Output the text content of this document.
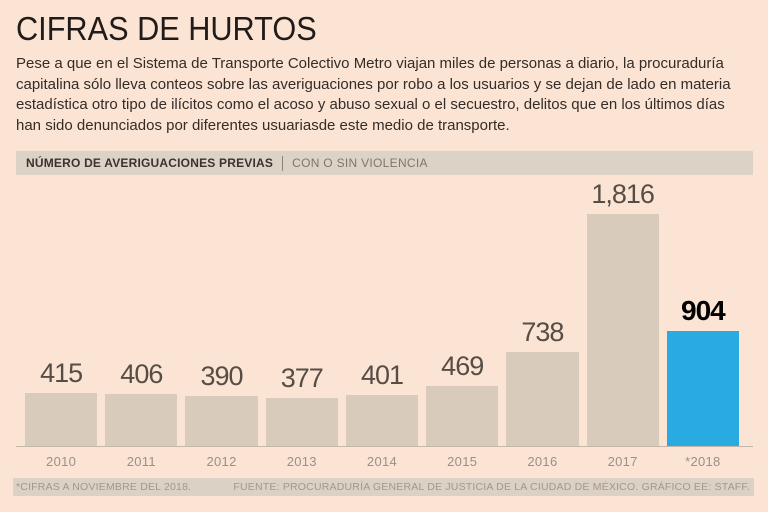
CIFRAS DE HURTOS

Pese a que en el Sistema de Transporte Colectivo Metro viajan miles de personas a diario, la procuraduría capitalina sólo lleva conteos sobre las averiguaciones por robo a los usuarios y se dejan de lado en materia estadística otro tipo de ilícitos como el acoso y abuso sexual o el secuestro, delitos que en los últimos días han sido denunciados por diferentes usuariasde este medio de transporte.

NÚMERO DE AVERIGUACIONES PREVIAS CON O SIN VIOLENCIA
415 406 390 377 401 469
738
1,816
904
2010	2011	2012	2013	2014	2015	2016	2017	*2018
*CIFRAS A NOVIEMBRE DEL 2018.	FUENTE: PROCURADURÍA GENERAL DE JUSTICIA DE LA CIUDAD DE MÉXICO. GRÁFICO EE: STAFF.
